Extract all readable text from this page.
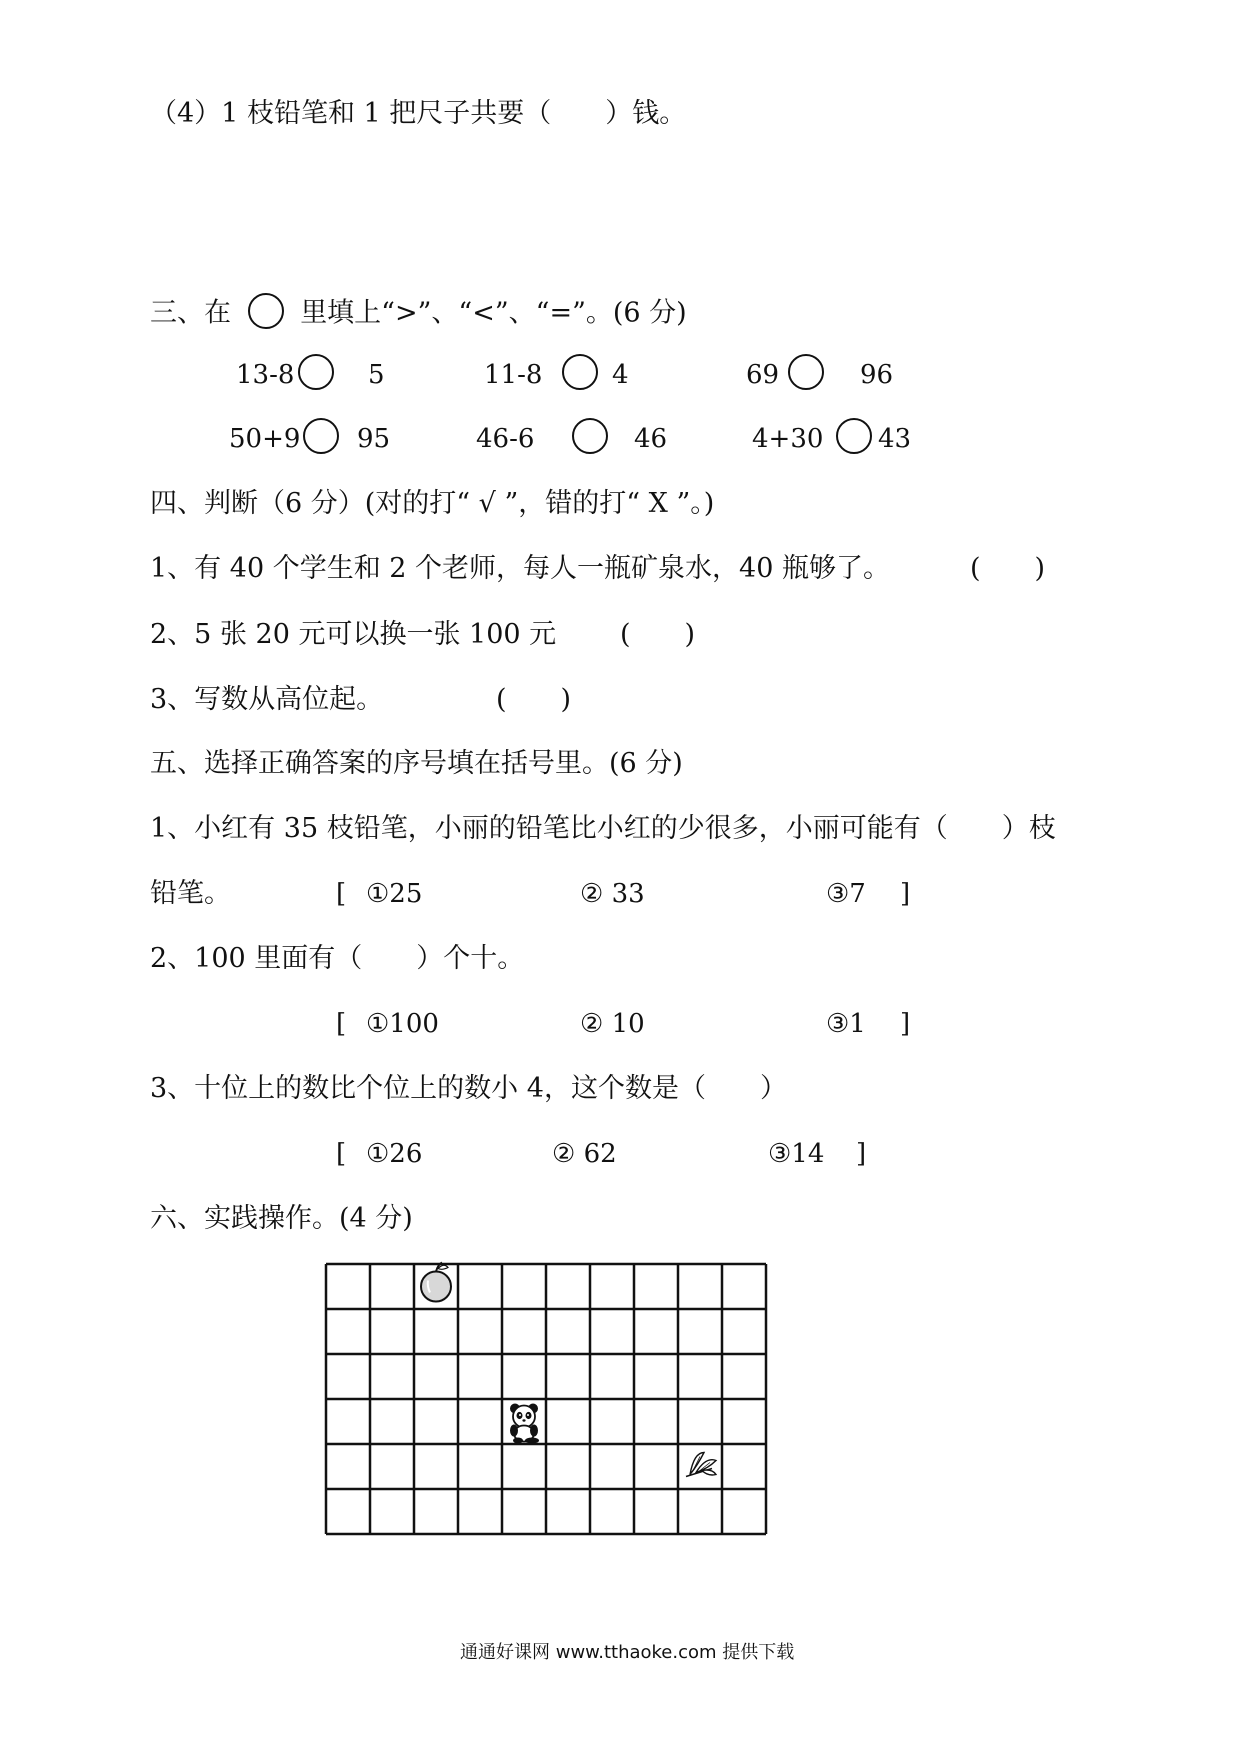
（4）1 枝铅笔和 1 把尺子共要（　　）钱。
三、在	里填上“>”、“<”、“=”。(6 分)
13-8	5	11-8	4	69	96
50+9 95	46-6	46	4+30 43
四、判断（6 分）(对的打“ √ ”，错的打“ X ”。)
1、有 40 个学生和 2 个老师，每人一瓶矿泉水，40 瓶够了。	(　　)
2、5 张 20 元可以换一张 100 元 (　　)
3、写数从高位起。	(　　)
五、选择正确答案的序号填在括号里。(6 分)
1、小红有 35 枝铅笔，小丽的铅笔比小红的少很多，小丽可能有（　　）枝
铅笔。	[ ①25	② 33	③7 ]
2、100 里面有（　　）个十。
[ ①100	② 10	③1 ]
3、十位上的数比个位上的数小 4，这个数是（　　）
[ ①26	② 62	③14 ]
六、实践操作。(4 分)
通通好课网 www.tthaoke.com 提供下载
